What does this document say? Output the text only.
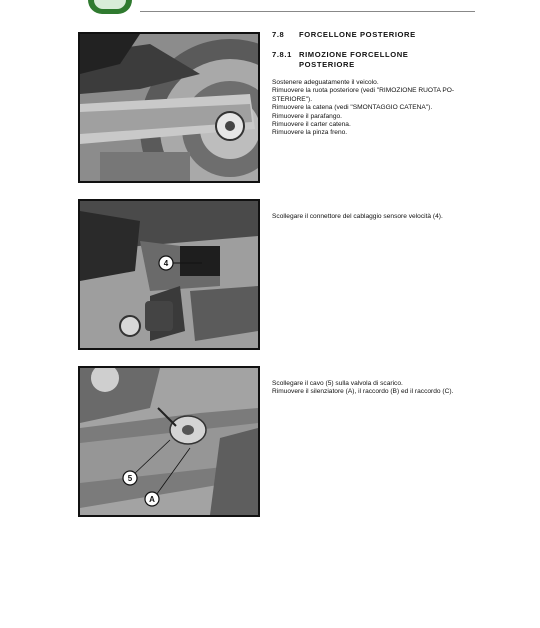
7.8 FORCELLONE POSTERIORE
7.8.1 RIMOZIONE FORCELLONE
POSTERIORE
Sostenere adeguatamente il veicolo.
Rimuovere la ruota posteriore (vedi "RIMOZIONE RUOTA PO-
STERIORE").
Rimuovere la catena (vedi "SMONTAGGIO CATENA").
Rimuovere il parafango.
Rimuovere il carter catena.
Rimuovere la pinza freno.
4
Scollegare il connettore del cablaggio sensore velocità (4).
5
A
Scollegare il cavo (5) sulla valvola di scarico.
Rimuovere il silenziatore (A), il raccordo (B) ed il raccordo (C).
